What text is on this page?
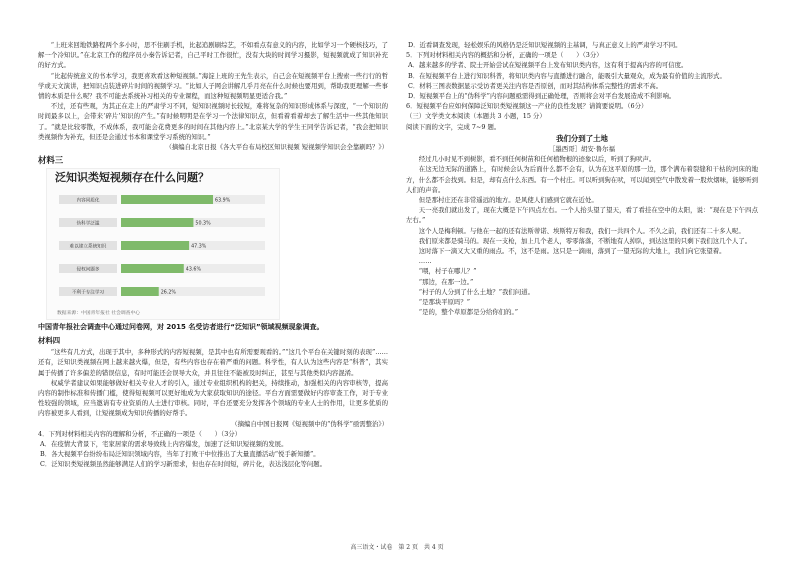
“上班来回地铁路程两个多小时，思不住刷手机，比起追剧刷综艺，不如看点有意义的内容，比如学习一个硬核技巧，了解一个冷知识。”在北京工作的程序员小秦告诉记者，自己平时工作很忙，没有大块的时间学习摄影，短视频就成了知识补充的好方式。

“比起传统意义的书本学习，我更喜欢看这种短视频。”海淀上班的王先生表示，自己会在短视频平台上搜索一些行行的哲学或天文演讲，把知识点装进碎片时间的视频学习。“比如人子网会讲解几乎月亮在什么时候也要用到，帮助我更理解一些事情的本质是什么呢？我不可能去系统补习相关的专业课程，而这种短视频明显更适合我。”

不过，还有些观，为其正在走上的严肃学习不同，短知识视频时长较短，难将复杂的知识形成体系与深度，“一个知识的时间最多以上，会带来‘碎片’知识的产生。”有时候明明是在学习一个法律知识点，但看着看着却去了解生活中一些其他知识了。“就是比较零散，不成体系，我可能会花费更多的时间在其他内容上。”北京某大学的学生王同学告诉记者，“我会把知识类视频作为补充，但还是会通过书本和课堂学习系统的知识。”

（摘编自北京日报《各大平台布局校区知识视频 短视频学知识会全靠刷吗？》）

材料三

泛知识类短视频存在什么问题？
内容同质化	63.9%
伪科学泛滥	50.3%
难以建立系统知识	47.3%
侵权问题多	43.6%
不利于专注学习	26.2%
数据来源：中国青年报社 社会调查中心

中国青年报社会调查中心通过问卷网，对 2015 名受访者进行“泛知识”领域视频现象调查。

材料四

“这些有几方式，出现于其中，多种形式的内容短视频，是其中也有所需要观看的。”“这几个平台在关键时刻的表现”……还有，泛知识类视频在网上越来越火爆，但是，有些内容也存在着严重的问题。科学性，有人认为这些内容是“科普”，其实属于传播了许多偏差的错误信息，有时可能还会误导大众，并且往往不能被及时纠正，甚至与其他类似内容混淆。

权威学者建议如果能够做好相关专业人才的引入，通过专业组织机构的把关，持续推动，加强相关的内容审核等，提高内容的制作标准和传播门槛，使得短视频可以更好地成为大家获取知识的途径。平台方面需要做好内容审查工作，对于专业性较强的领域，应当邀请有专业资质的人士进行审核。同时，平台还要充分发挥各个领域的专业人士的作用，让更多优质的内容被更多人看到，让短视频成为知识传播的好帮手。

（摘编自中国日报网《短视频中的“伪科学”亟需整治》）

4．下列对材料相关内容的理解和分析，不正确的一项是（　　）（3分）

A．在疫情大背景下，宅家居家的需求导致线上内容爆发，加速了泛知识短视频的发展。

B．各大视频平台纷纷布局泛知识领域内容，当年了打败干中位推出了大量直播活动“悦手新知播”。

C．泛知识类短视频虽然能够满足人们的学习新需求，但也存在时间短，碎片化，表达浅层化等问题。

D．近看调查发现，轻松娱乐的风格仍是泛知识短视频的主基调，与真正意义上的严肃学习不同。

5．下列对材料相关内容的概括和分析，正确的一项是（　　）（3分）

A．越来越多的学者、院士开始尝试在短视频平台上发布知识类内容，这有利于提高内容的可信度。

B．在短视频平台上进行知识科普，将知识类内容与直播进行融合，能吸引大量观众，成为最有价值的主流形式。

C．材料三图表数据显示受访者更关注内容是否原创，而对其结构体系完整性的需求不高。

D．短视频平台上的“伪科学”内容问题亟需得到正确处理，否则将会对平台发展造成不利影响。

6．短视频平台应如何保障泛知识类短视频这一产业的良性发展？请简要说明。（6分）

（三）文学类文本阅读（本题共 3 小题，15 分）

阅读下面的文字，完成 7~9 题。

我们分到了土地

［墨西哥］胡安·鲁尔福

经过几小时见不到树影，看不到任何树苗和任何植物根的迹象以后，听到了狗吠声。

在这无边无际的道路上，有时候会认为后面什么都不会有，认为在这平原的那一边，那个满布着裂缝和干枯的河床的地方，什么都不会找到。但是，却有点什么东西。有一个村庄。可以听到狗在吠，可以闻到空气中散发着一股炊烟味，能够听到人们的声音。

但是那村庄还在非常遥远的地方。是风使人们感到它就在近处。

天一亮我们就出发了，现在大概是下午四点左右。一个人抬头望了望天，看了看挂在空中的太阳，说：“现在是下午四点左右。”

这个人是梅利顿。与他在一起的还有法斯蒂诺、埃斯特万和我，我们一共四个人。不久之前，我们还有二十多人呢。

我们原来都是骑马的。现在一支枪，加上几个老人，零零落落，不断地有人掉队，到达这里的只剩下我们这几个人了。

这时落下一滴又大又重的雨点。不，这不是雨。这只是一滴雨，落到了一望无际的大地上，我们向它张望着。

……

“喂，村子在哪儿？”

“那边，在那一边。”

“村子的人分到了什么土地？”我们问道。

“是那块平原吗？”

“是的，整个草原都是分给你们的。”

高三语文・试卷　第 2 页　共 4 页
